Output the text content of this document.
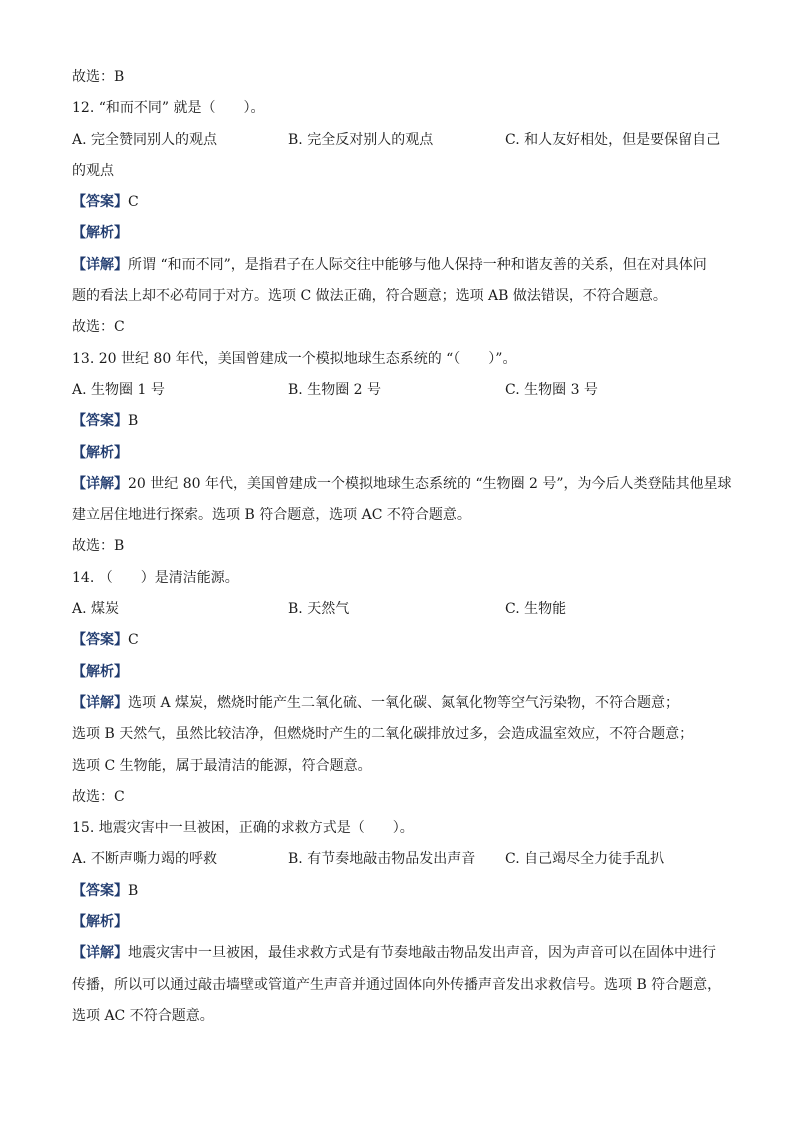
故选：B
12. “和而不同” 就是（　　）。
A. 完全赞同别人的观点	B. 完全反对别人的观点	C. 和人友好相处，但是要保留自己
的观点
【答案】C
【解析】
【详解】所谓 “和而不同”，是指君子在人际交往中能够与他人保持一种和谐友善的关系，但在对具体问
题的看法上却不必苟同于对方。选项 C 做法正确，符合题意；选项 AB 做法错误，不符合题意。
故选：C
13. 20 世纪 80 年代，美国曾建成一个模拟地球生态系统的 “（　　）”。
A. 生物圈 1 号	B. 生物圈 2 号	C. 生物圈 3 号
【答案】B
【解析】
【详解】20 世纪 80 年代，美国曾建成一个模拟地球生态系统的 “生物圈 2 号”，为今后人类登陆其他星球
建立居住地进行探索。选项 B 符合题意，选项 AC 不符合题意。
故选：B
14. （　　）是清洁能源。
A. 煤炭	B. 天然气	C. 生物能
【答案】C
【解析】
【详解】选项 A 煤炭，燃烧时能产生二氧化硫、一氧化碳、氮氧化物等空气污染物，不符合题意；
选项 B 天然气，虽然比较洁净，但燃烧时产生的二氧化碳排放过多，会造成温室效应，不符合题意；
选项 C 生物能，属于最清洁的能源，符合题意。
故选：C
15. 地震灾害中一旦被困，正确的求救方式是（　　）。
A. 不断声嘶力竭的呼救	B. 有节奏地敲击物品发出声音	C. 自己竭尽全力徒手乱扒
【答案】B
【解析】
【详解】地震灾害中一旦被困，最佳求救方式是有节奏地敲击物品发出声音，因为声音可以在固体中进行
传播，所以可以通过敲击墙壁或管道产生声音并通过固体向外传播声音发出求救信号。选项 B 符合题意，
选项 AC 不符合题意。
